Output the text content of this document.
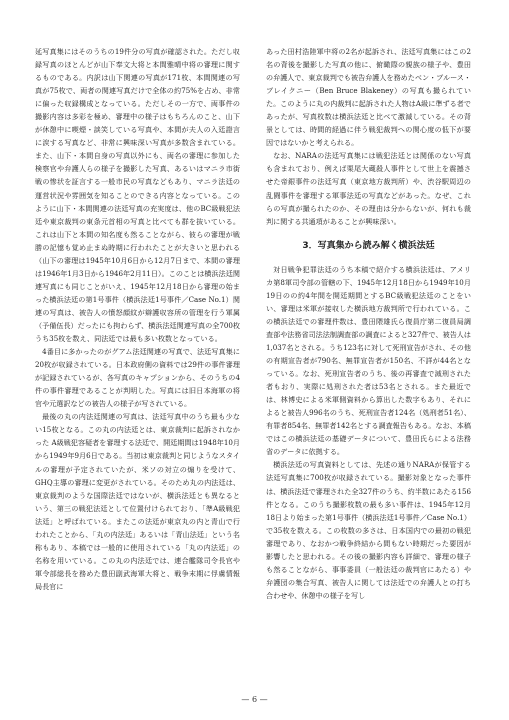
延写真集にはそのうちの19件分の写真が確認された。ただし収録写真のほとんどが山下奉文大将と本間雅晴中将の審理に関するものである。内訳は山下関連の写真が171枚、本間関連の写真が75枚で、両者の関連写真だけで全体の約75%を占め、非常に偏った収録構成となっている。ただしその一方で、両事件の撮影内容は多彩を極め、審理中の様子はもちろんのこと、山下が休憩中に喫煙・談笑している写真や、本間が夫人の入廷證言に涙する写真など、非常に興味深い写真が多数含まれている。また、山下・本間自身の写真以外にも、両名の審理に参加した検察官や弁護人らの様子を撮影した写真、あるいはマニラ市街戦の惨状を証言する一般市民の写真などもあり、マニラ法廷の運営状況や雰囲気を知ることのできる内容となっている。このように山下・本間関連の法廷写真の充実度は、他のBC級戦犯法廷や東京裁判の東条元首相の写真と比べても群を抜いている。これは山下と本間の知名度も然ることながら、彼らの審理が戦勝の記憶も覚め止まぬ時期に行われたことが大きいと思われる（山下の審理は1945年10月6日から12月7日まで、本間の審理は1946年1月3日から1946年2月11日）。このことは横浜法廷関連写真にも同じことがいえ、1945年12月18日から審理の始まった横浜法廷の第1号事件（横浜法廷1号事件／Case No.1）関連の写真は、被告人の憤怒顔紋が辯護収容所の管理を行う軍属（予備伍長）だったにも拘わらず、横浜法廷関連写真の全700枚うち35枚を数え、同法廷では最も多い枚数となっている。

4番目に多かったのがグアム法廷関連の写真で、法廷写真集に20枚が収録されている。日本政府側の資料では29件の事件審理が記録されているが、各写真のキャプションから、そのうちの4件の事件審理であることが判明した。写真には旧日本海軍の将官や元選訳などの被告人の様子が写されている。

最後の丸の内法廷関連の写真は、法廷写真中のうち最も少ない15枚となる。この丸の内法廷とは、東京裁判に起訴されなかった A級戦犯容疑者を審理する法廷で、開廷期間は1948年10月から1949年9月6日である。当初は東京裁判と同じようなスタイルの審理が予定されていたが、米ソの対立の煽りを受けて、GHQ主導の審理に変更がされている。そのため丸の内法廷は、東京裁判のような国際法廷ではないが、横浜法廷とも異なるという、第三の戦犯法廷として位置付けられており、「準A級戦犯法廷」と呼ばれている。またこの法廷が東京丸の内と青山で行われたことから、「丸の内法廷」あるいは「青山法廷」という名称もあり、本稿では一般的に使用されている「丸の内法廷」の名称を用いている。この丸の内法廷では、連合艦隊司令長官や軍令部総長を務めた豊田副武海軍大将と、戦争末期に俘虜情報局長官に

あった田村浩陸軍中将の2名が起訴され、法廷写真集にはこの2名の背後を撮影した写真の他に、俯瞰際の親族の様子や、豊田の弁護人で、東京裁判でも被告弁護人を務めたベン・ブルース・ブレイクニー（Ben Bruce Blakeney）の写真も撮られていた。このように丸の内裁判に起訴された人物はA級に準ずる者であったが、写真枚数は横浜法廷と比べて激減している。その背景としては、時間的経過に伴う戦犯裁判への関心度の低下が要因ではないかと考えられる。

なお、NARAの法廷写真集には戦犯法廷とは関係のない写真も含まれており、例えば栗尾大蔵殺人事件として世上を震撼させた帝銀事件の法廷写真（東京地方裁判所）や、渋谷駅周辺の乱闘事件を審理する軍事法廷の写真などがあった。なぜ、これらの写真が撮られたのか、その理由は分からないが、何れも裁判に関する共通項があることが興味深い。

3．写真集から読み解く横浜法廷

対日戦争犯罪法廷のうち本稿で紹介する横浜法廷は、アメリカ第8軍司令部の管轄の下、1945年12月18日から1949年10月19日のの約4年間を開廷期間とするBC級戦犯法廷のことをいい、審理は米軍が接収した横浜地方裁判所で行われている。この横浜法廷での審理件数は、豊田隈雄氏ら復員庁第二復員局調査部や法務省司法法制調査部の調査によると327件で、被告人は1,037名とされる。うち123名に対して死刑宣告がされ、その他の有期宣告者が790名、無罪宣告者が150名、不詳が44名となっている。なお、死刑宣告者のうち、後の再審査で減刑された者もおり、実際に処刑された者は53名とされる。また最近では、林博史による米軍側資料から算出した数字もあり、それによると被告人996名のうち、死刑宣告者124名（処刑者51名）、有罪者854名、無罪者142名とする調査報告もある。なお、本稿ではこの横浜法廷の基礎データについて、豊田氏らによる法務省のデータに依拠する。

横浜法廷の写真資料としては、先述の通りNARAが保管する法廷写真集に700枚が収録されている。撮影対象となった事件は、横浜法廷で審理された全327件のうち、約半数にあたる156件となる。このうち撮影枚数の最も多い事件は、1945年12月18日より始まった第1号事件（横浜法廷1号事件／Case No.1）で35枚を数える。この枚数の多さは、日本国内での最初の戦犯審理であり、なおかつ戦争終結から間もない時期だった要因が影響したと思われる。その後の撮影内容も詳細で、審理の様子も然ることながら、事事委員（一般法廷の裁判官にあたる）や弁護団の集合写真、被告人に関しては法廷での弁護人との打ち合わせや、休憩中の様子を写し

— 6 —
